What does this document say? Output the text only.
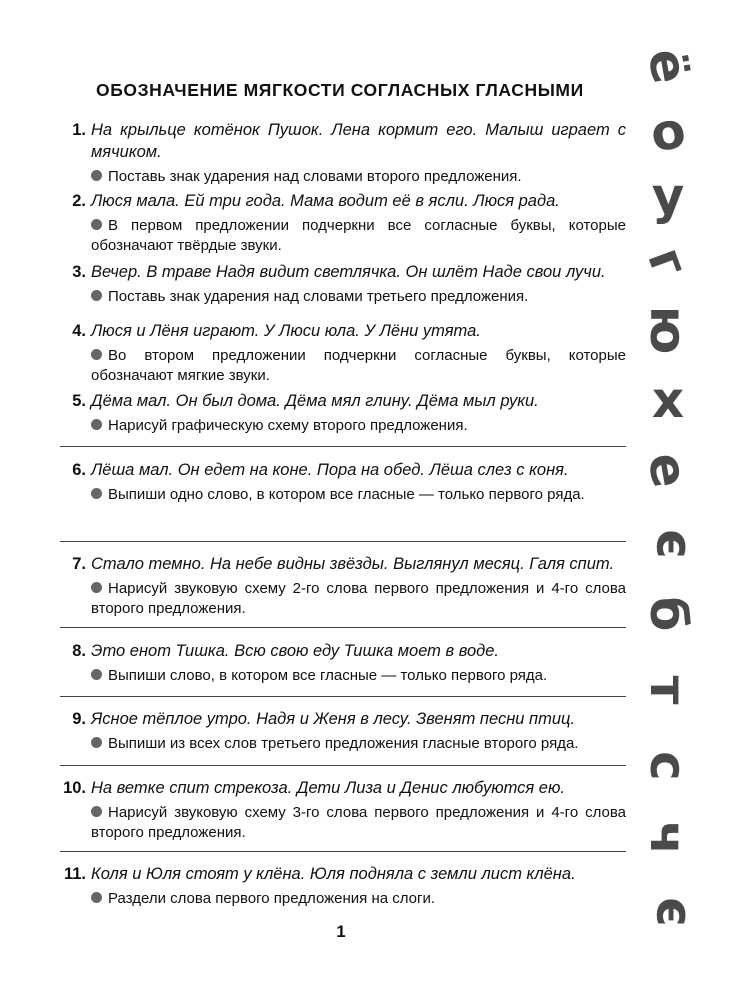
ОБОЗНАЧЕНИЕ МЯГКОСТИ СОГЛАСНЫХ ГЛАСНЫМИ
1. На крыльце котёнок Пушок. Лена кормит его. Малыш играет с мячиком.
Поставь знак ударения над словами второго предложения.
2. Люся мала. Ей три года. Мама водит её в ясли. Люся рада.
В первом предложении подчеркни все согласные буквы, которые обозначают твёрдые звуки.
3. Вечер. В траве Надя видит светлячка. Он шлёт Наде свои лучи.
Поставь знак ударения над словами третьего предложения.
4. Люся и Лёня играют. У Люси юла. У Лёни утята.
Во втором предложении подчеркни согласные буквы, которые обозначают мягкие звуки.
5. Дёма мал. Он был дома. Дёма мял глину. Дёма мыл руки.
Нарисуй графическую схему второго предложения.
6. Лёша мал. Он едет на коне. Пора на обед. Лёша слез с коня.
Выпиши одно слово, в котором все гласные — только первого ряда.
7. Стало темно. На небе видны звёзды. Выглянул месяц. Галя спит.
Нарисуй звуковую схему 2-го слова первого предложения и 4-го слова второго предложения.
8. Это енот Тишка. Всю свою еду Тишка моет в воде.
Выпиши слово, в котором все гласные — только первого ряда.
9. Ясное тёплое утро. Надя и Женя в лесу. Звенят песни птиц.
Выпиши из всех слов третьего предложения гласные второго ряда.
10. На ветке спит стрекоза. Дети Лиза и Денис любуются ею.
Нарисуй звуковую схему 3-го слова первого предложения и 4-го слова второго предложения.
11. Коля и Юля стоят у клёна. Юля подняла с земли лист клёна.
Раздели слова первого предложения на слоги.
1
ё
о
у
г
ю
х
е
э
б
т
с
ч
э
